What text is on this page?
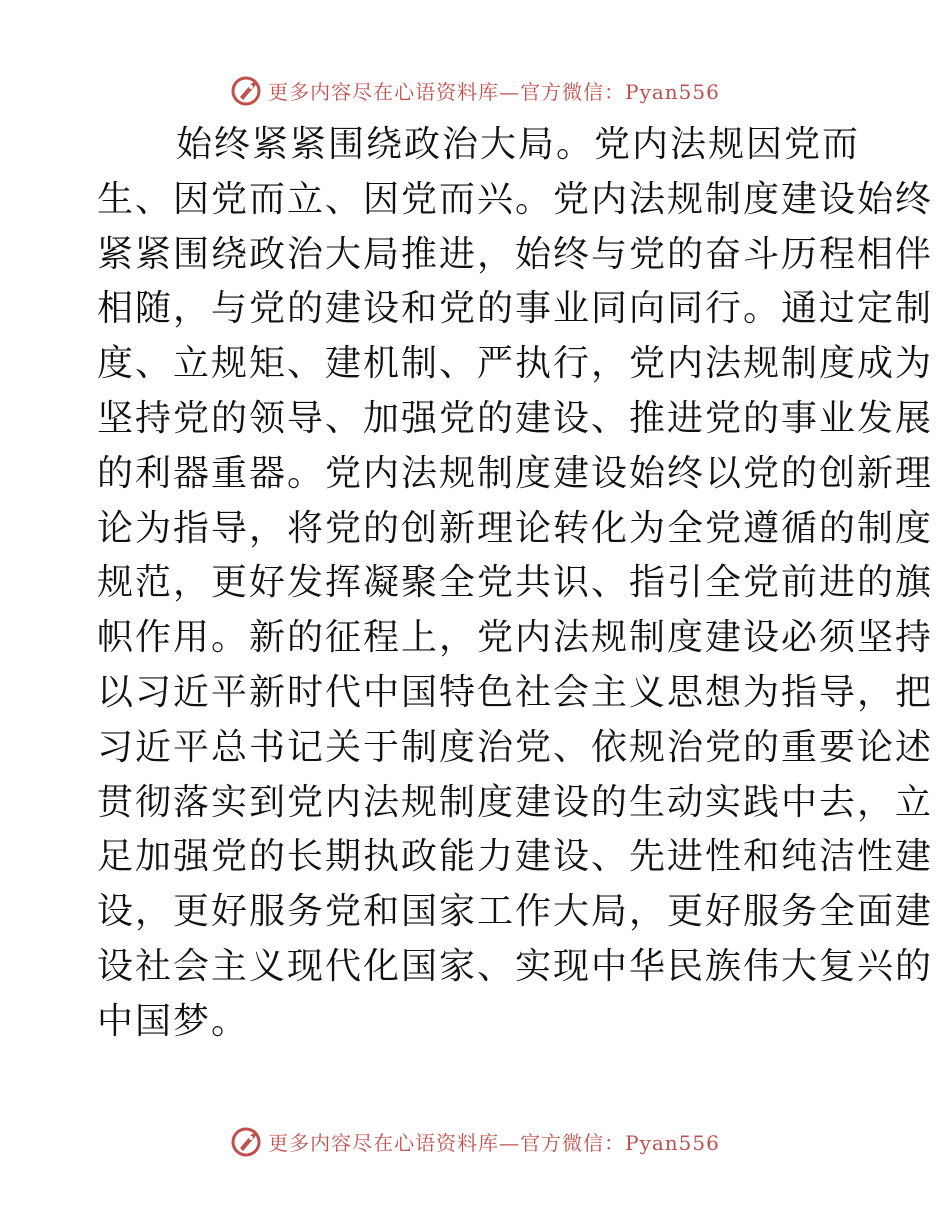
更多内容尽在心语资料库—官方微信：Pyan556
始终紧紧围绕政治大局。党内法规因党而
生、因党而立、因党而兴。党内法规制度建设始终
紧紧围绕政治大局推进，始终与党的奋斗历程相伴
相随，与党的建设和党的事业同向同行。通过定制
度、立规矩、建机制、严执行，党内法规制度成为
坚持党的领导、加强党的建设、推进党的事业发展
的利器重器。党内法规制度建设始终以党的创新理
论为指导，将党的创新理论转化为全党遵循的制度
规范，更好发挥凝聚全党共识、指引全党前进的旗
帜作用。新的征程上，党内法规制度建设必须坚持
以习近平新时代中国特色社会主义思想为指导，把
习近平总书记关于制度治党、依规治党的重要论述
贯彻落实到党内法规制度建设的生动实践中去，立
足加强党的长期执政能力建设、先进性和纯洁性建
设，更好服务党和国家工作大局，更好服务全面建
设社会主义现代化国家、实现中华民族伟大复兴的
中国梦。
更多内容尽在心语资料库—官方微信：Pyan556
